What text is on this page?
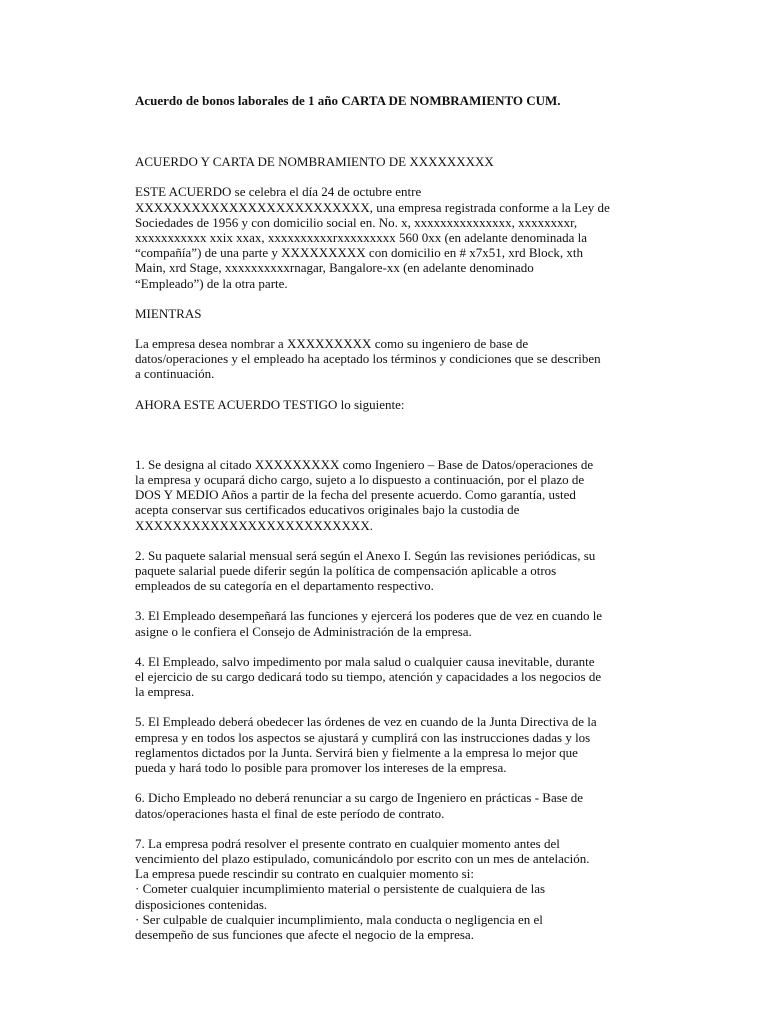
Acuerdo de bonos laborales de 1 año CARTA DE NOMBRAMIENTO CUM.

ACUERDO Y CARTA DE NOMBRAMIENTO DE XXXXXXXXX

ESTE ACUERDO se celebra el día 24 de octubre entre
XXXXXXXXXXXXXXXXXXXXXXXXX, una empresa registrada conforme a la Ley de
Sociedades de 1956 y con domicilio social en. No. x, xxxxxxxxxxxxxxx, xxxxxxxxr,
xxxxxxxxxxx xxix xxax, xxxxxxxxxxrxxxxxxxxx 560 0xx (en adelante denominada la
“compañía”) de una parte y XXXXXXXXX con domicilio en # x7x51, xrd Block, xth
Main, xrd Stage, xxxxxxxxxxrnagar, Bangalore-xx (en adelante denominado
“Empleado”) de la otra parte.

MIENTRAS

La empresa desea nombrar a XXXXXXXXX como su ingeniero de base de
datos/operaciones y el empleado ha aceptado los términos y condiciones que se describen
a continuación.

AHORA ESTE ACUERDO TESTIGO lo siguiente:

1. Se designa al citado XXXXXXXXX como Ingeniero – Base de Datos/operaciones de
la empresa y ocupará dicho cargo, sujeto a lo dispuesto a continuación, por el plazo de
DOS Y MEDIO Años a partir de la fecha del presente acuerdo. Como garantía, usted
acepta conservar sus certificados educativos originales bajo la custodia de
XXXXXXXXXXXXXXXXXXXXXXXXX.

2. Su paquete salarial mensual será según el Anexo I. Según las revisiones periódicas, su
paquete salarial puede diferir según la política de compensación aplicable a otros
empleados de su categoría en el departamento respectivo.

3. El Empleado desempeñará las funciones y ejercerá los poderes que de vez en cuando le
asigne o le confiera el Consejo de Administración de la empresa.

4. El Empleado, salvo impedimento por mala salud o cualquier causa inevitable, durante
el ejercicio de su cargo dedicará todo su tiempo, atención y capacidades a los negocios de
la empresa.

5. El Empleado deberá obedecer las órdenes de vez en cuando de la Junta Directiva de la
empresa y en todos los aspectos se ajustará y cumplirá con las instrucciones dadas y los
reglamentos dictados por la Junta. Servirá bien y fielmente a la empresa lo mejor que
pueda y hará todo lo posible para promover los intereses de la empresa.

6. Dicho Empleado no deberá renunciar a su cargo de Ingeniero en prácticas - Base de
datos/operaciones hasta el final de este período de contrato.

7. La empresa podrá resolver el presente contrato en cualquier momento antes del
vencimiento del plazo estipulado, comunicándolo por escrito con un mes de antelación.
La empresa puede rescindir su contrato en cualquier momento si:
· Cometer cualquier incumplimiento material o persistente de cualquiera de las
disposiciones contenidas.
· Ser culpable de cualquier incumplimiento, mala conducta o negligencia en el
desempeño de sus funciones que afecte el negocio de la empresa.
